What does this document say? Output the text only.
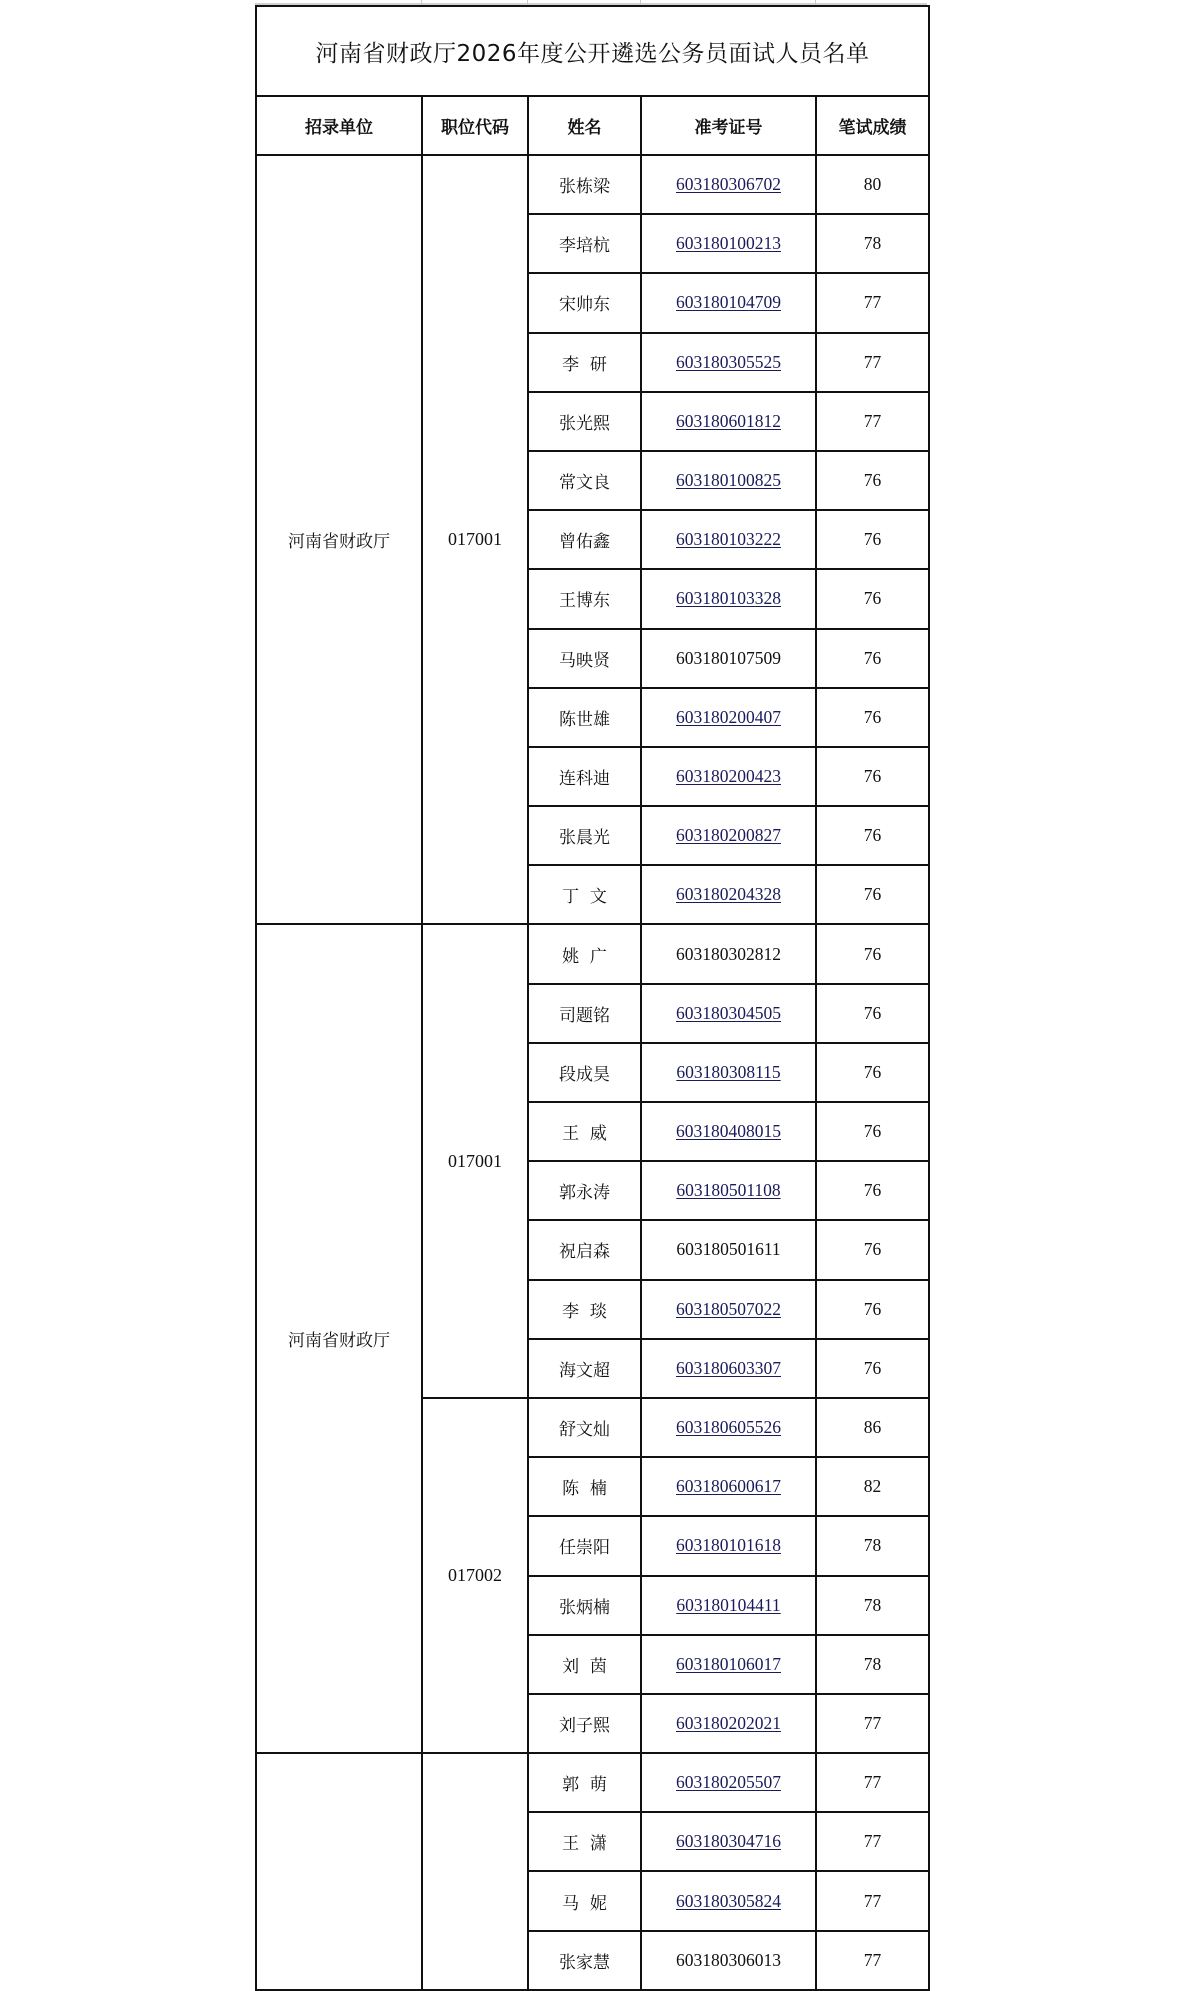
河南省财政厅2026年度公开遴选公务员面试人员名单				
招录单位	职位代码	姓名	准考证号	笔试成绩
河南省财政厅	017001	张栋梁	603180306702	80
		李培杭	603180100213	78
		宋帅东	603180104709	77
		李  研	603180305525	77
		张光熙	603180601812	77
		常文良	603180100825	76
		曾佑鑫	603180103222	76
		王博东	603180103328	76
		马映贤	603180107509	76
		陈世雄	603180200407	76
		连科迪	603180200423	76
		张晨光	603180200827	76
		丁  文	603180204328	76
河南省财政厅	017001	姚  广	603180302812	76
		司题铭	603180304505	76
		段成昊	603180308115	76
		王  威	603180408015	76
		郭永涛	603180501108	76
		祝启森	603180501611	76
		李  琰	603180507022	76
		海文超	603180603307	76
	017002	舒文灿	603180605526	86
		陈  楠	603180600617	82
		任崇阳	603180101618	78
		张炳楠	603180104411	78
		刘  茵	603180106017	78
		刘子熙	603180202021	77
		郭  萌	603180205507	77
		王  潇	603180304716	77
		马  妮	603180305824	77
		张家慧	603180306013	77
